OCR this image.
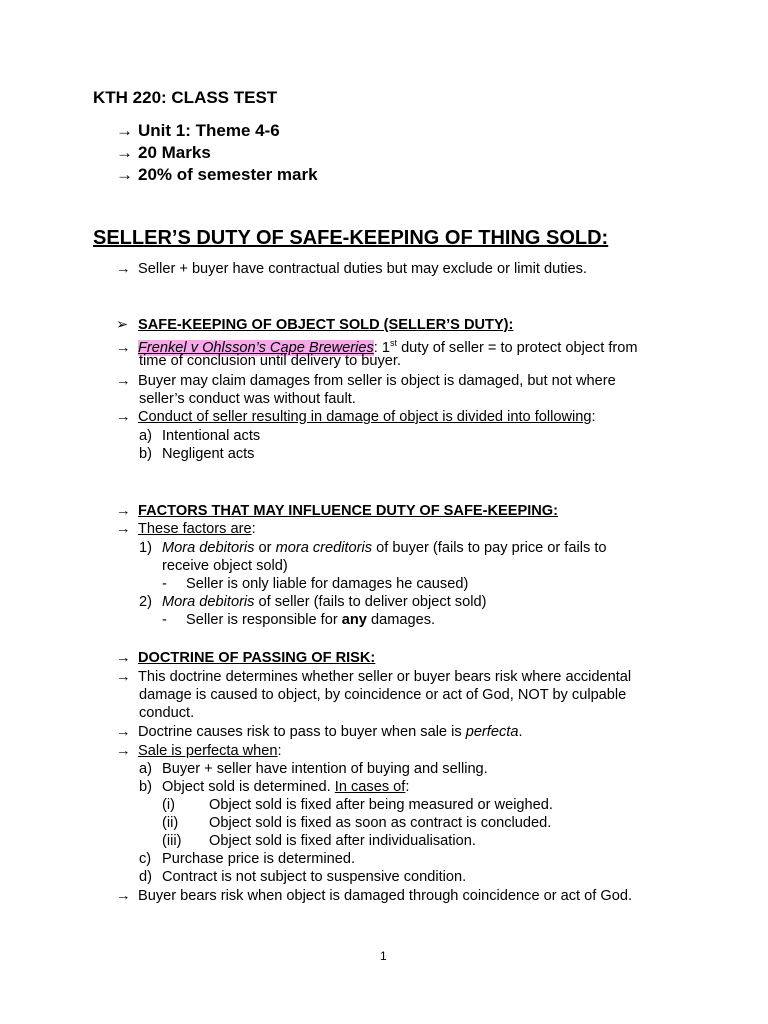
KTH 220: CLASS TEST
→ Unit 1: Theme 4-6
→ 20 Marks
→ 20% of semester mark
SELLER’S DUTY OF SAFE-KEEPING OF THING SOLD:
→ Seller + buyer have contractual duties but may exclude or limit duties.
➢ SAFE-KEEPING OF OBJECT SOLD (SELLER’S DUTY):
→ Frenkel v Ohlsson’s Cape Breweries: 1st duty of seller = to protect object from
time of conclusion until delivery to buyer.
→ Buyer may claim damages from seller is object is damaged, but not where
seller’s conduct was without fault.
→ Conduct of seller resulting in damage of object is divided into following:
a) Intentional acts
b) Negligent acts
→ FACTORS THAT MAY INFLUENCE DUTY OF SAFE-KEEPING:
→ These factors are:
1) Mora debitoris or mora creditoris of buyer (fails to pay price or fails to
receive object sold)
- Seller is only liable for damages he caused)
2) Mora debitoris of seller (fails to deliver object sold)
- Seller is responsible for any damages.
→ DOCTRINE OF PASSING OF RISK:
→ This doctrine determines whether seller or buyer bears risk where accidental
damage is caused to object, by coincidence or act of God, NOT by culpable
conduct.
→ Doctrine causes risk to pass to buyer when sale is perfecta.
→ Sale is perfecta when:
a) Buyer + seller have intention of buying and selling.
b) Object sold is determined. In cases of:
(i) Object sold is fixed after being measured or weighed.
(ii) Object sold is fixed as soon as contract is concluded.
(iii) Object sold is fixed after individualisation.
c) Purchase price is determined.
d) Contract is not subject to suspensive condition.
→ Buyer bears risk when object is damaged through coincidence or act of God.
1
